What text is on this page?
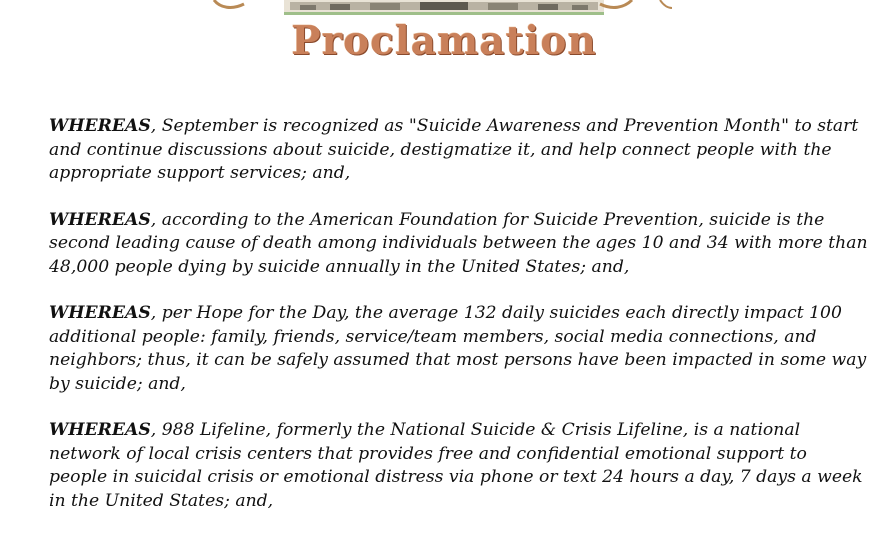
Proclamation

WHEREAS, September is recognized as "Suicide Awareness and Prevention Month" to start and continue discussions about suicide, destigmatize it, and help connect people with the appropriate support services; and,

WHEREAS, according to the American Foundation for Suicide Prevention, suicide is the second leading cause of death among individuals between the ages 10 and 34 with more than 48,000 people dying by suicide annually in the United States; and,

WHEREAS, per Hope for the Day, the average 132 daily suicides each directly impact 100 additional people: family, friends, service/team members, social media connections, and neighbors; thus, it can be safely assumed that most persons have been impacted in some way by suicide; and,

WHEREAS, 988 Lifeline, formerly the National Suicide & Crisis Lifeline, is a national network of local crisis centers that provides free and confidential emotional support to people in suicidal crisis or emotional distress via phone or text 24 hours a day, 7 days a week in the United States; and,
